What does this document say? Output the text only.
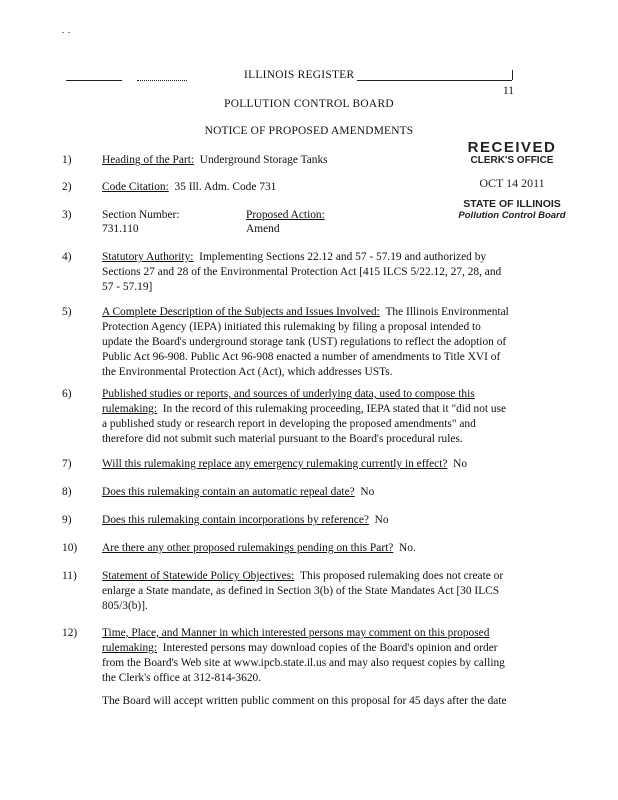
ILLINOIS REGISTER
11
POLLUTION CONTROL BOARD
NOTICE OF PROPOSED AMENDMENTS
RECEIVED
CLERK'S OFFICE
OCT 14 2011
STATE OF ILLINOIS
Pollution Control Board
1)	Heading of the Part: Underground Storage Tanks
2)	Code Citation: 35 Ill. Adm. Code 731
3)	Section Number:
731.110
Proposed Action:
Amend
4)	Statutory Authority: Implementing Sections 22.12 and 57 - 57.19 and authorized by
Sections 27 and 28 of the Environmental Protection Act [415 ILCS 5/22.12, 27, 28, and
57 - 57.19]
5)	A Complete Description of the Subjects and Issues Involved: The Illinois Environmental
Protection Agency (IEPA) initiated this rulemaking by filing a proposal intended to
update the Board's underground storage tank (UST) regulations to reflect the adoption of
Public Act 96-908. Public Act 96-908 enacted a number of amendments to Title XVI of
the Environmental Protection Act (Act), which addresses USTs.
6)	Published studies or reports, and sources of underlying data, used to compose this
rulemaking: In the record of this rulemaking proceeding, IEPA stated that it "did not use
a published study or research report in developing the proposed amendments" and
therefore did not submit such material pursuant to the Board's procedural rules.
7)	Will this rulemaking replace any emergency rulemaking currently in effect? No
8)	Does this rulemaking contain an automatic repeal date? No
9)	Does this rulemaking contain incorporations by reference? No
10) Are there any other proposed rulemakings pending on this Part? No.
11) Statement of Statewide Policy Objectives: This proposed rulemaking does not create or
enlarge a State mandate, as defined in Section 3(b) of the State Mandates Act [30 ILCS
805/3(b)].
12) Time, Place, and Manner in which interested persons may comment on this proposed
rulemaking: Interested persons may download copies of the Board's opinion and order
from the Board's Web site at www.ipcb.state.il.us and may also request copies by calling
the Clerk's office at 312-814-3620.
The Board will accept written public comment on this proposal for 45 days after the date
